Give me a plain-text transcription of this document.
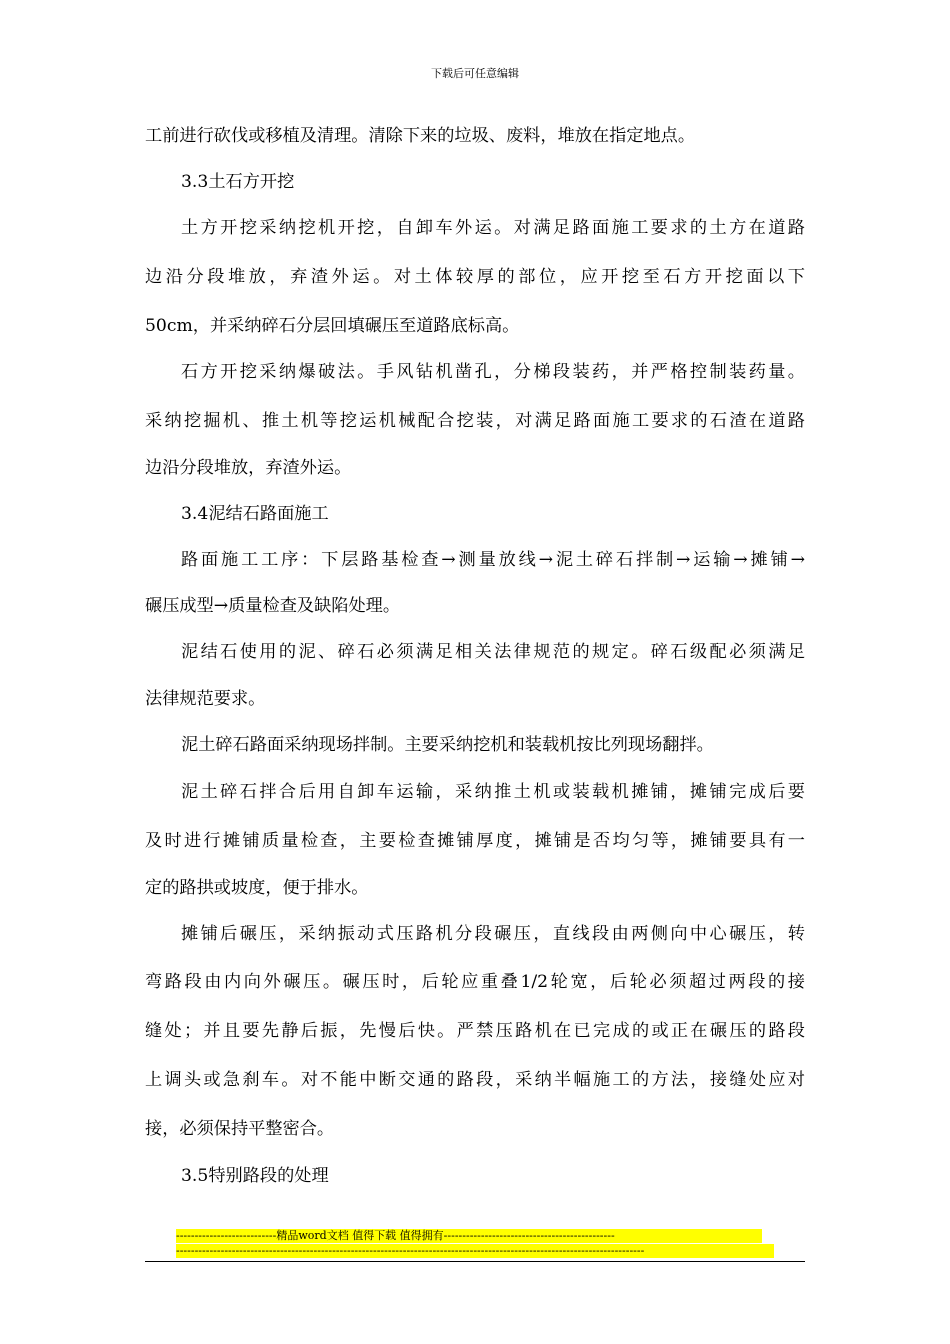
下载后可任意编辑
工前进行砍伐或移植及清理。清除下来的垃圾、废料，堆放在指定地点。
3.3土石方开挖
土方开挖采纳挖机开挖，自卸车外运。对满足路面施工要求的土方在道路
边沿分段堆放，弃渣外运。对土体较厚的部位，应开挖至石方开挖面以下
50cm，并采纳碎石分层回填碾压至道路底标高。
石方开挖采纳爆破法。手风钻机凿孔，分梯段装药，并严格控制装药量。
采纳挖掘机、推土机等挖运机械配合挖装，对满足路面施工要求的石渣在道路
边沿分段堆放，弃渣外运。
3.4泥结石路面施工
路面施工工序：下层路基检查→测量放线→泥土碎石拌制→运输→摊铺→
碾压成型→质量检查及缺陷处理。
泥结石使用的泥、碎石必须满足相关法律规范的规定。碎石级配必须满足
法律规范要求。
泥土碎石路面采纳现场拌制。主要采纳挖机和装载机按比列现场翻拌。
泥土碎石拌合后用自卸车运输，采纳推土机或装载机摊铺，摊铺完成后要
及时进行摊铺质量检查，主要检查摊铺厚度，摊铺是否均匀等，摊铺要具有一
定的路拱或坡度，便于排水。
摊铺后碾压，采纳振动式压路机分段碾压，直线段由两侧向中心碾压，转
弯路段由内向外碾压。碾压时，后轮应重叠1/2轮宽，后轮必须超过两段的接
缝处；并且要先静后振，先慢后快。严禁压路机在已完成的或正在碾压的路段
上调头或急刹车。对不能中断交通的路段，采纳半幅施工的方法，接缝处应对
接，必须保持平整密合。
3.5特别路段的处理
---------------------------精品word文档 值得下载 值得拥有----------------------------------------------
------------------------------------------------------------------------------------------------------------------------------
